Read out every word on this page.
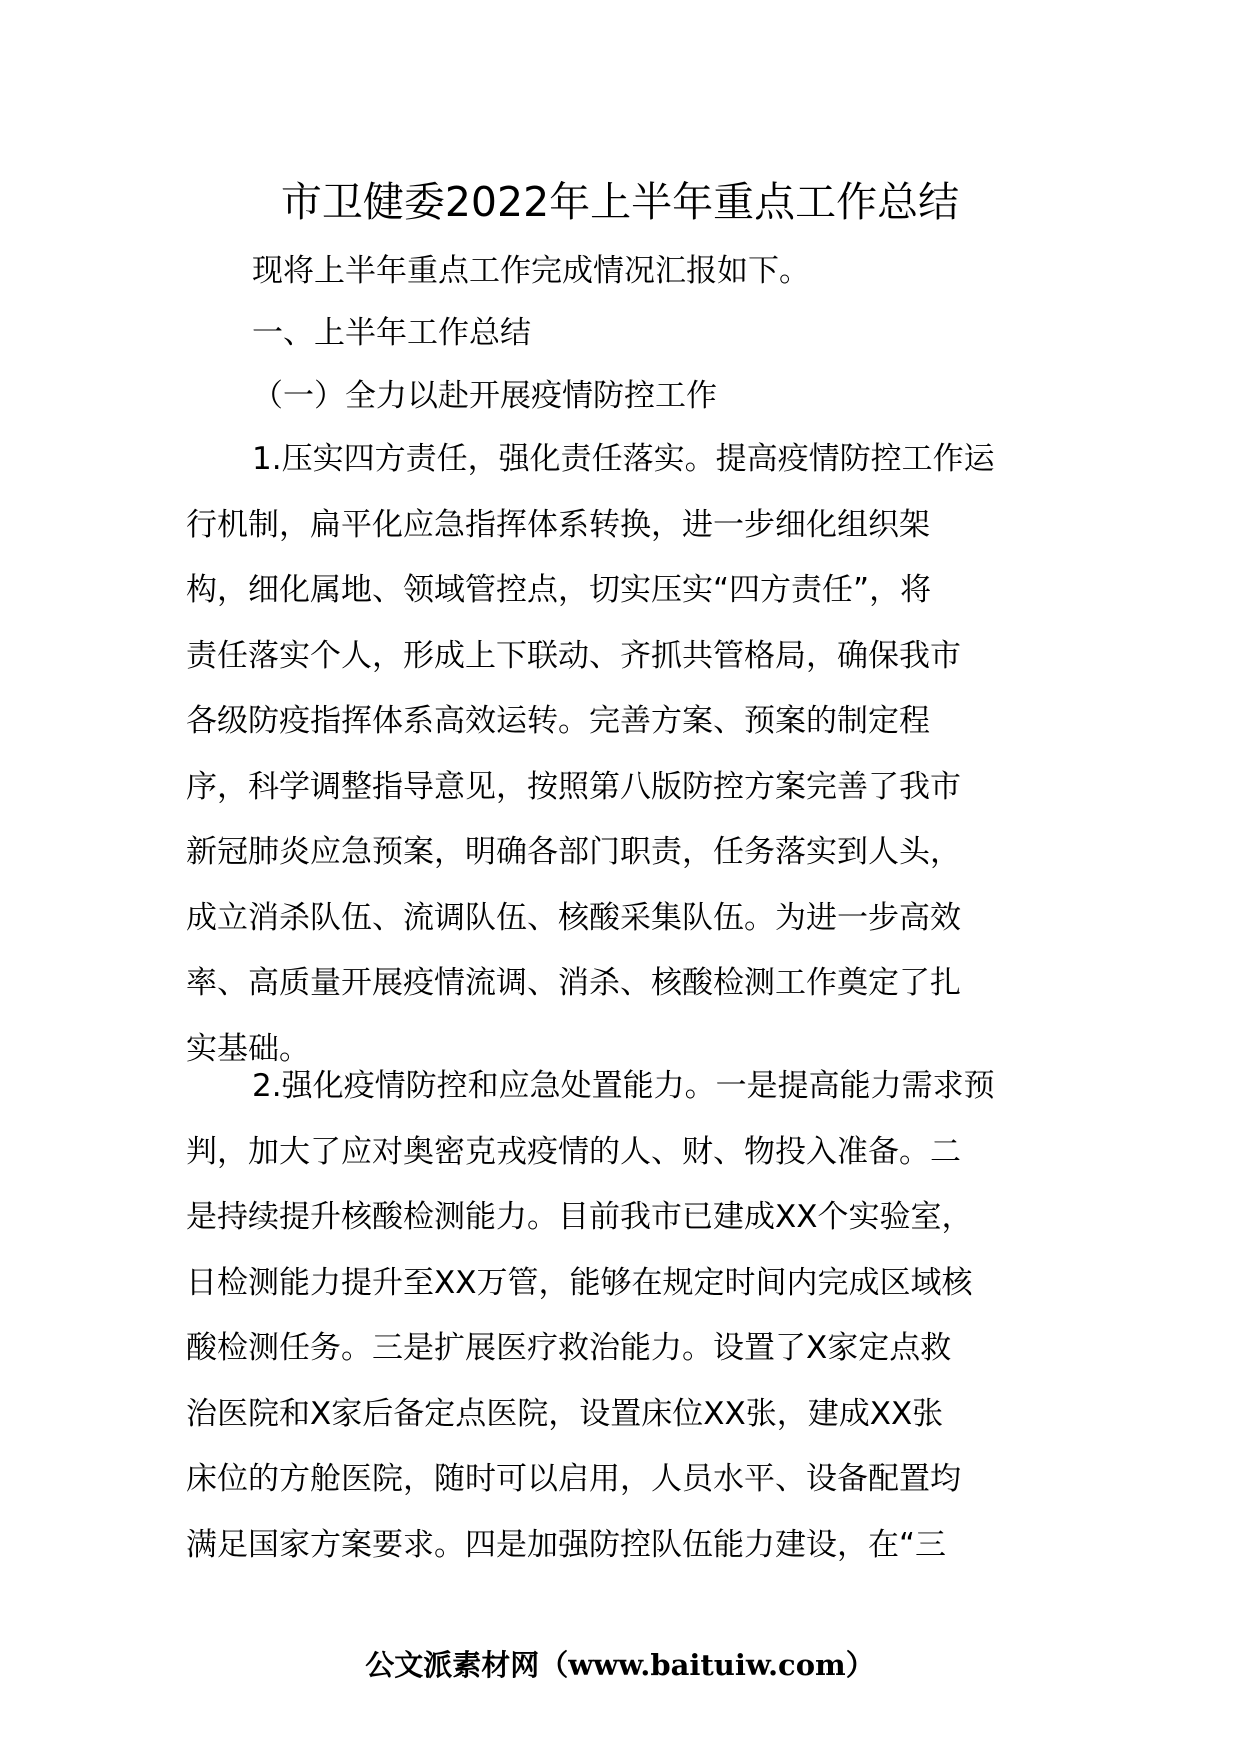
市卫健委2022年上半年重点工作总结
现将上半年重点工作完成情况汇报如下。
一、上半年工作总结
（一）全力以赴开展疫情防控工作
1.压实四方责任，强化责任落实。提高疫情防控工作运
行机制，扁平化应急指挥体系转换，进一步细化组织架
构，细化属地、领域管控点，切实压实“四方责任”，将
责任落实个人，形成上下联动、齐抓共管格局，确保我市
各级防疫指挥体系高效运转。完善方案、预案的制定程
序，科学调整指导意见，按照第八版防控方案完善了我市
新冠肺炎应急预案，明确各部门职责，任务落实到人头，
成立消杀队伍、流调队伍、核酸采集队伍。为进一步高效
率、高质量开展疫情流调、消杀、核酸检测工作奠定了扎
实基础。
2.强化疫情防控和应急处置能力。一是提高能力需求预
判，加大了应对奥密克戎疫情的人、财、物投入准备。二
是持续提升核酸检测能力。目前我市已建成XX个实验室，
日检测能力提升至XX万管，能够在规定时间内完成区域核
酸检测任务。三是扩展医疗救治能力。设置了X家定点救
治医院和X家后备定点医院，设置床位XX张，建成XX张
床位的方舱医院，随时可以启用，人员水平、设备配置均
满足国家方案要求。四是加强防控队伍能力建设，在“三
公文派素材网（www.baituiw.com）
